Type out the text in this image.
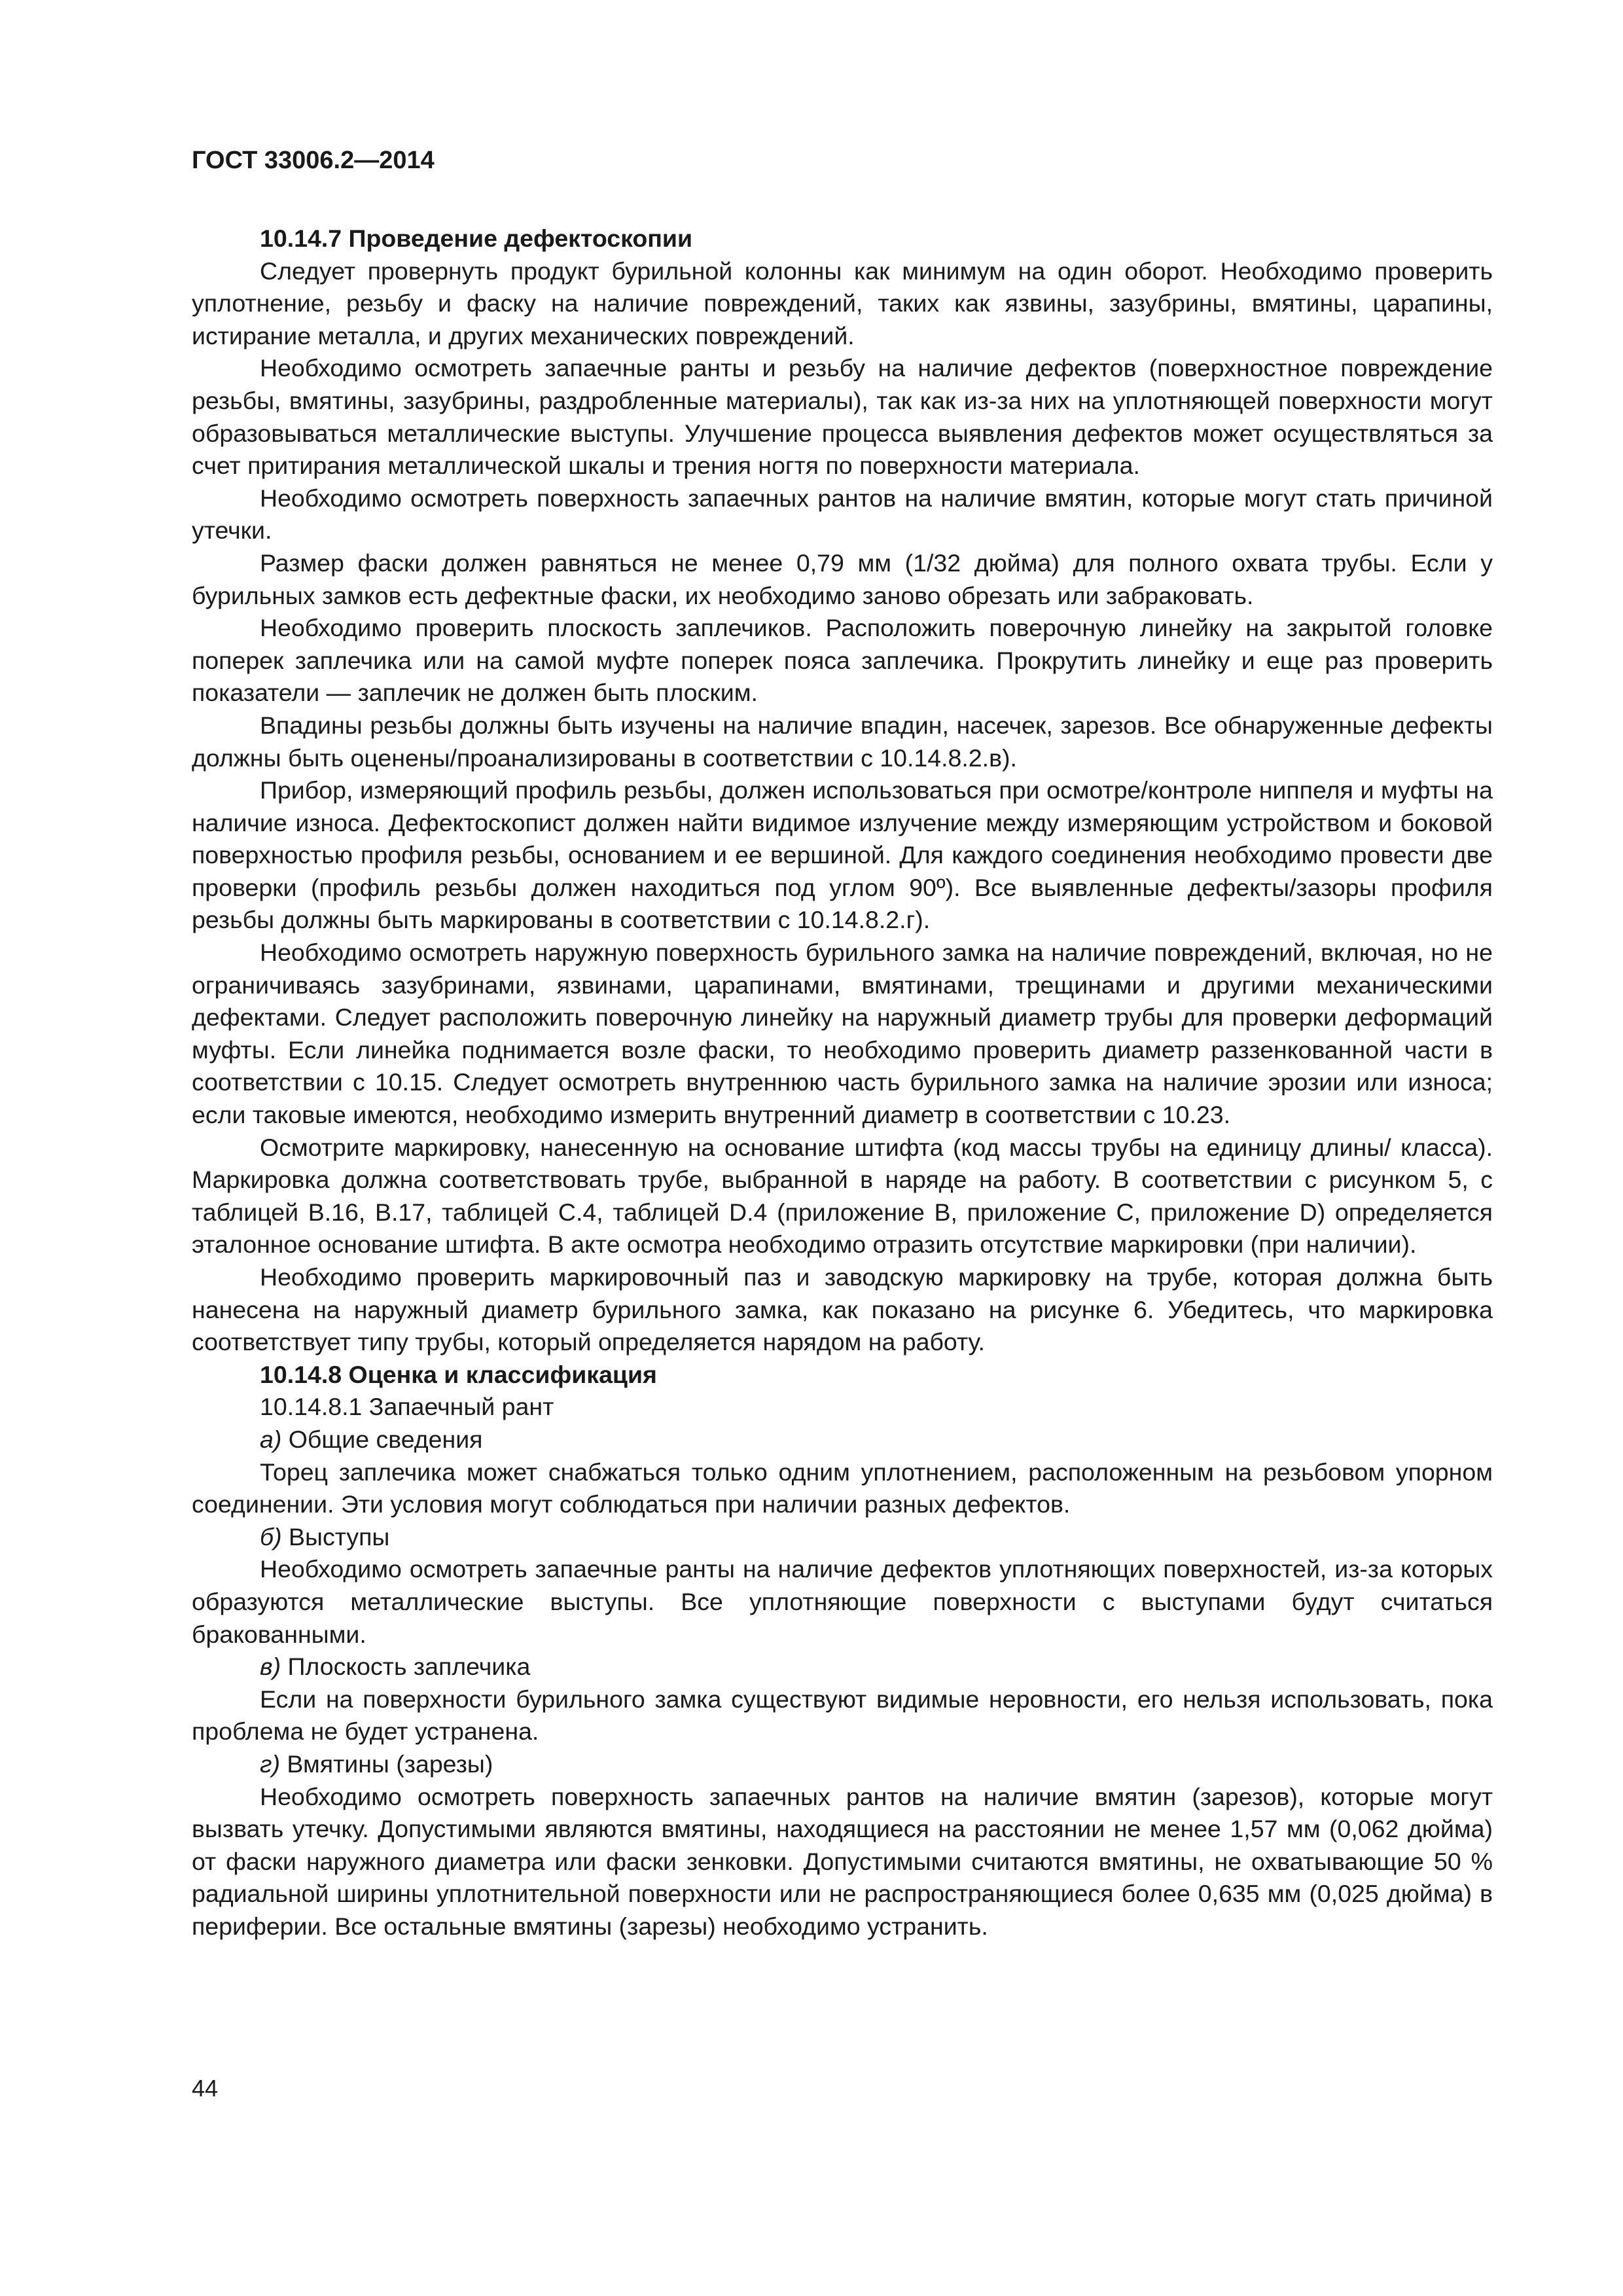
ГОСТ 33006.2—2014

10.14.7 Проведение дефектоскопии

Следует провернуть продукт бурильной колонны как минимум на один оборот. Необходимо проверить уплотнение, резьбу и фаску на наличие повреждений, таких как язвины, зазубрины, вмятины, царапины, истирание металла, и других механических повреждений.

Необходимо осмотреть запаечные ранты и резьбу на наличие дефектов (поверхностное повреждение резьбы, вмятины, зазубрины, раздробленные материалы), так как из-за них на уплотняющей поверхности могут образовываться металлические выступы. Улучшение процесса выявления дефектов может осуществляться за счет притирания металлической шкалы и трения ногтя по поверхности материала.

Необходимо осмотреть поверхность запаечных рантов на наличие вмятин, которые могут стать причиной утечки.

Размер фаски должен равняться не менее 0,79 мм (1/32 дюйма) для полного охвата трубы. Если у бурильных замков есть дефектные фаски, их необходимо заново обрезать или забраковать.

Необходимо проверить плоскость заплечиков. Расположить поверочную линейку на закрытой головке поперек заплечика или на самой муфте поперек пояса заплечика. Прокрутить линейку и еще раз проверить показатели — заплечик не должен быть плоским.

Впадины резьбы должны быть изучены на наличие впадин, насечек, зарезов. Все обнаруженные дефекты должны быть оценены/проанализированы в соответствии с 10.14.8.2.в).

Прибор, измеряющий профиль резьбы, должен использоваться при осмотре/контроле ниппеля и муфты на наличие износа. Дефектоскопист должен найти видимое излучение между измеряющим устройством и боковой поверхностью профиля резьбы, основанием и ее вершиной. Для каждого соединения необходимо провести две проверки (профиль резьбы должен находиться под углом 90º). Все выявленные дефекты/зазоры профиля резьбы должны быть маркированы в соответствии с 10.14.8.2.г).

Необходимо осмотреть наружную поверхность бурильного замка на наличие повреждений, включая, но не ограничиваясь зазубринами, язвинами, царапинами, вмятинами, трещинами и другими механическими дефектами. Следует расположить поверочную линейку на наружный диаметр трубы для проверки деформаций муфты. Если линейка поднимается возле фаски, то необходимо проверить диаметр раззенкованной части в соответствии с 10.15. Следует осмотреть внутреннюю часть бурильного замка на наличие эрозии или износа; если таковые имеются, необходимо измерить внутренний диаметр в соответствии с 10.23.

Осмотрите маркировку, нанесенную на основание штифта (код массы трубы на единицу длины/ класса). Маркировка должна соответствовать трубе, выбранной в наряде на работу. В соответствии с рисунком 5, с таблицей В.16, В.17, таблицей С.4, таблицей D.4 (приложение В, приложение С, приложение D) определяется эталонное основание штифта. В акте осмотра необходимо отразить отсутствие маркировки (при наличии).

Необходимо проверить маркировочный паз и заводскую маркировку на трубе, которая должна быть нанесена на наружный диаметр бурильного замка, как показано на рисунке 6. Убедитесь, что маркировка соответствует типу трубы, который определяется нарядом на работу.

10.14.8 Оценка и классификация

10.14.8.1 Запаечный рант

а) Общие сведения

Торец заплечика может снабжаться только одним уплотнением, расположенным на резьбовом упорном соединении. Эти условия могут соблюдаться при наличии разных дефектов.

б) Выступы

Необходимо осмотреть запаечные ранты на наличие дефектов уплотняющих поверхностей, из-за которых образуются металлические выступы. Все уплотняющие поверхности с выступами будут считаться бракованными.

в) Плоскость заплечика

Если на поверхности бурильного замка существуют видимые неровности, его нельзя использовать, пока проблема не будет устранена.

г) Вмятины (зарезы)

Необходимо осмотреть поверхность запаечных рантов на наличие вмятин (зарезов), которые могут вызвать утечку. Допустимыми являются вмятины, находящиеся на расстоянии не менее 1,57 мм (0,062 дюйма) от фаски наружного диаметра или фаски зенковки. Допустимыми считаются вмятины, не охватывающие 50 % радиальной ширины уплотнительной поверхности или не распространяющиеся более 0,635 мм (0,025 дюйма) в периферии. Все остальные вмятины (зарезы) необходимо устранить.

44
